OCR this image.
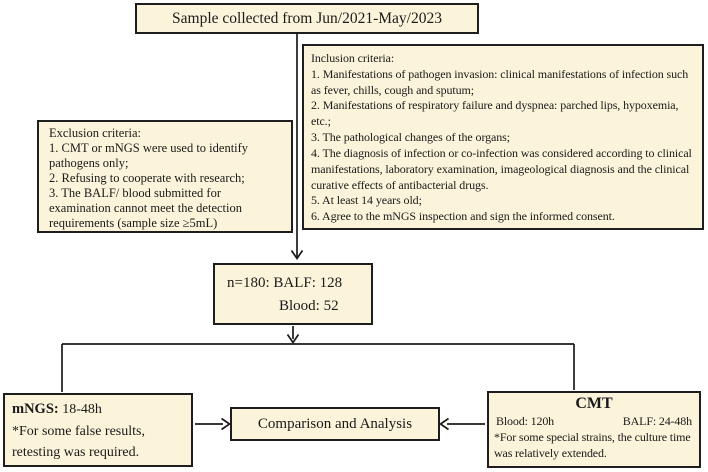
Sample collected from Jun/2021-May/2023
Inclusion criteria:
1. Manifestations of pathogen invasion: clinical manifestations of infection such as fever, chills, cough and sputum;
2. Manifestations of respiratory failure and dyspnea: parched lips, hypoxemia, etc.;
3. The pathological changes of the organs;
4. The diagnosis of infection or co-infection was considered according to clinical manifestations, laboratory examination, imageological diagnosis and the clinical curative effects of antibacterial drugs.
5. At least 14 years old;
6. Agree to the mNGS inspection and sign the informed consent.
Exclusion criteria:
1. CMT or mNGS were used to identify pathogens only;
2. Refusing to cooperate with research;
3. The BALF/ blood submitted for examination cannot meet the detection requirements (sample size ≥5mL)
n=180: BALF: 128
Blood: 52
mNGS: 18-48h
*For some false results, retesting was required.
Comparison and Analysis
CMT
Blood: 120h	BALF: 24-48h
*For some special strains, the culture time was relatively extended.
